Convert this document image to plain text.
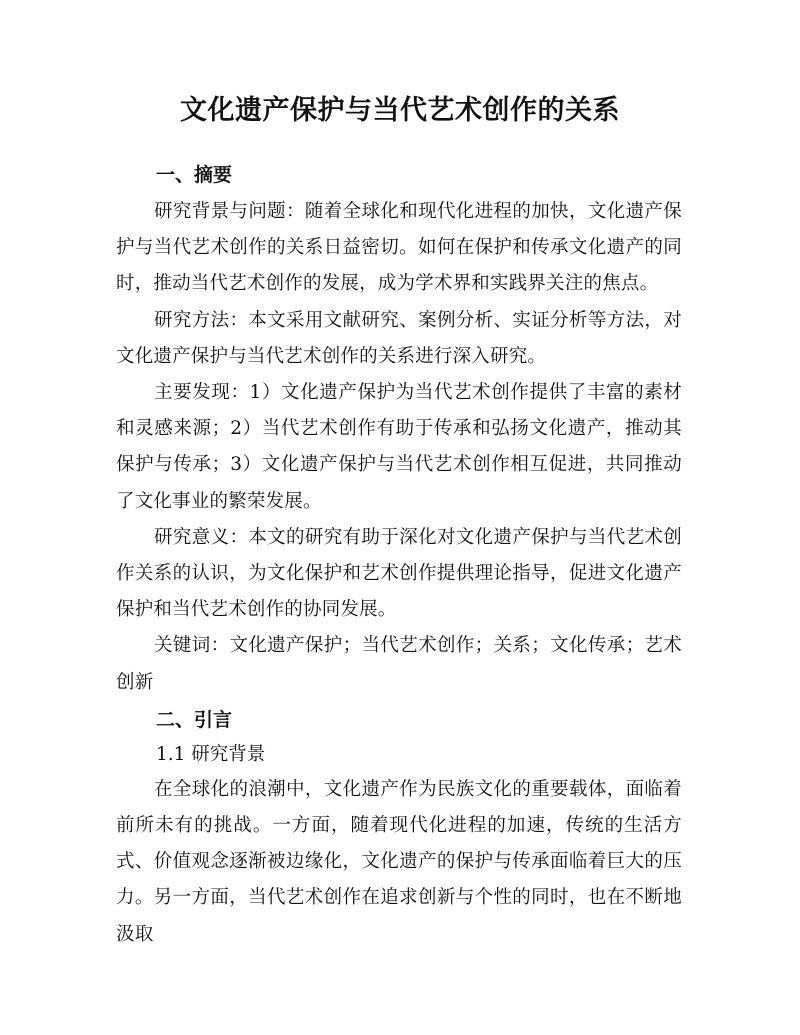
文化遗产保护与当代艺术创作的关系
一、摘要

研究背景与问题：随着全球化和现代化进程的加快，文化遗产保护与当代艺术创作的关系日益密切。如何在保护和传承文化遗产的同时，推动当代艺术创作的发展，成为学术界和实践界关注的焦点。

研究方法：本文采用文献研究、案例分析、实证分析等方法，对文化遗产保护与当代艺术创作的关系进行深入研究。

主要发现：1）文化遗产保护为当代艺术创作提供了丰富的素材和灵感来源；2）当代艺术创作有助于传承和弘扬文化遗产，推动其保护与传承；3）文化遗产保护与当代艺术创作相互促进，共同推动了文化事业的繁荣发展。

研究意义：本文的研究有助于深化对文化遗产保护与当代艺术创作关系的认识，为文化保护和艺术创作提供理论指导，促进文化遗产保护和当代艺术创作的协同发展。

关键词：文化遗产保护；当代艺术创作；关系；文化传承；艺术创新

二、引言
1.1 研究背景

在全球化的浪潮中，文化遗产作为民族文化的重要载体，面临着前所未有的挑战。一方面，随着现代化进程的加速，传统的生活方式、价值观念逐渐被边缘化，文化遗产的保护与传承面临着巨大的压力。另一方面，当代艺术创作在追求创新与个性的同时，也在不断地汲取
